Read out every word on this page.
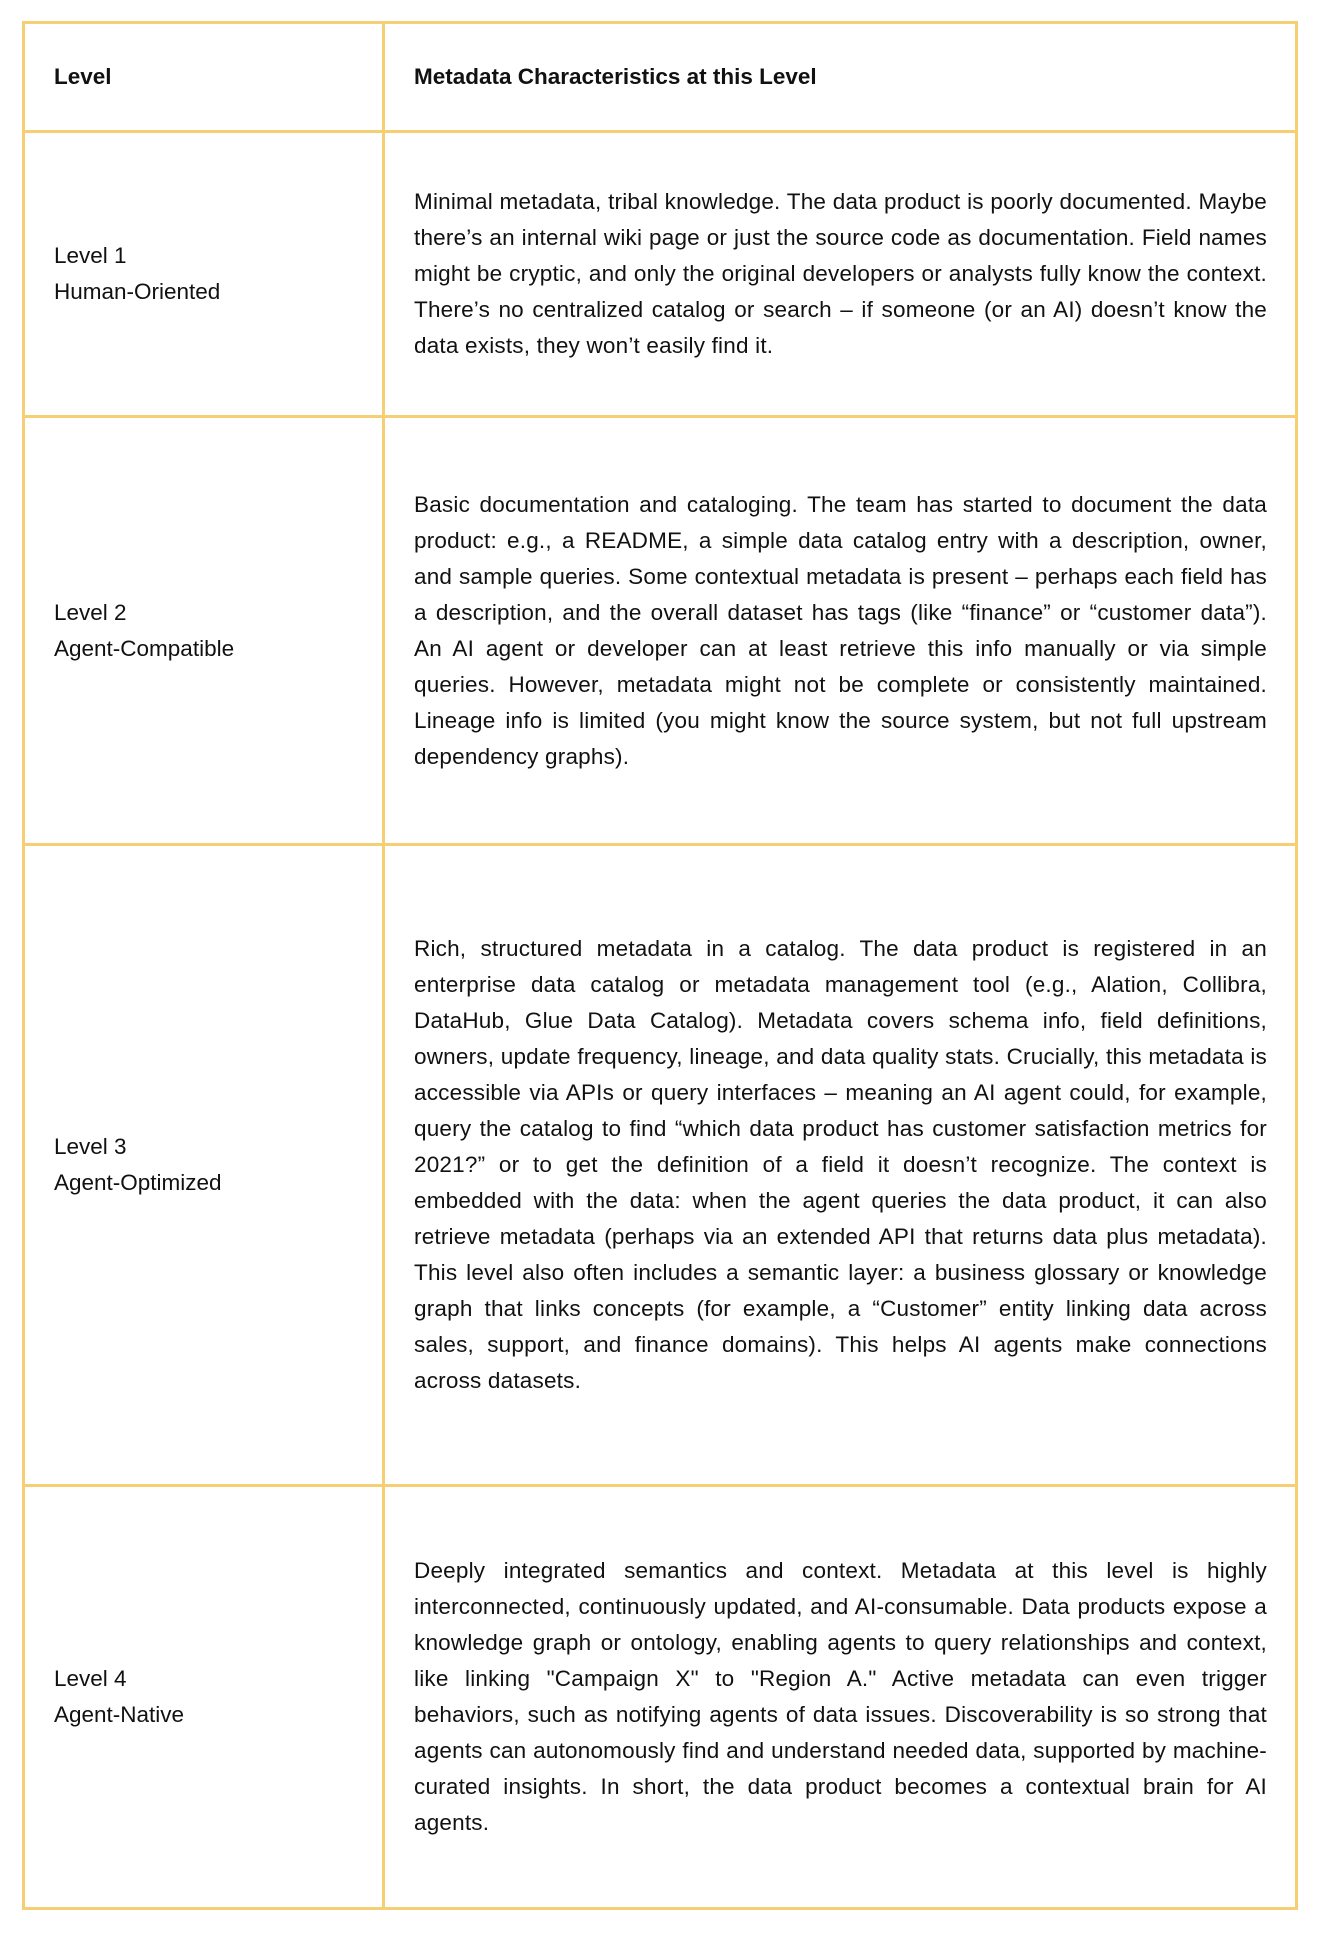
Level	Metadata Characteristics at this Level

Level 1
Human-Oriented	Minimal metadata, tribal knowledge. The data product is poorly documented. Maybe there’s an internal wiki page or just the source code as documentation. Field names might be cryptic, and only the original developers or analysts fully know the context. There’s no centralized catalog or search – if someone (or an AI) doesn’t know the data exists, they won’t easily find it.

Level 2
Agent-Compatible	Basic documentation and cataloging. The team has started to document the data product: e.g., a README, a simple data catalog entry with a description, owner, and sample queries. Some contextual metadata is present – perhaps each field has a description, and the overall dataset has tags (like “finance” or “customer data”). An AI agent or developer can at least retrieve this info manually or via simple queries. However, metadata might not be complete or consistently maintained. Lineage info is limited (you might know the source system, but not full upstream dependency graphs).

Level 3
Agent-Optimized	Rich, structured metadata in a catalog. The data product is registered in an enterprise data catalog or metadata management tool (e.g., Alation, Collibra, DataHub, Glue Data Catalog). Metadata covers schema info, field definitions, owners, update frequency, lineage, and data quality stats. Crucially, this metadata is accessible via APIs or query interfaces – meaning an AI agent could, for example, query the catalog to find “which data product has customer satisfaction metrics for 2021?” or to get the definition of a field it doesn’t recognize. The context is embedded with the data: when the agent queries the data product, it can also retrieve metadata (perhaps via an extended API that returns data plus metadata). This level also often includes a semantic layer: a business glossary or knowledge graph that links concepts (for example, a “Customer” entity linking data across sales, support, and finance domains). This helps AI agents make connections across datasets.

Level 4
Agent-Native	Deeply integrated semantics and context. Metadata at this level is highly interconnected, continuously updated, and AI-consumable. Data products expose a knowledge graph or ontology, enabling agents to query relationships and context, like linking "Campaign X" to "Region A." Active metadata can even trigger behaviors, such as notifying agents of data issues. Discoverability is so strong that agents can autonomously find and understand needed data, supported by machine-curated insights. In short, the data product becomes a contextual brain for AI agents.
